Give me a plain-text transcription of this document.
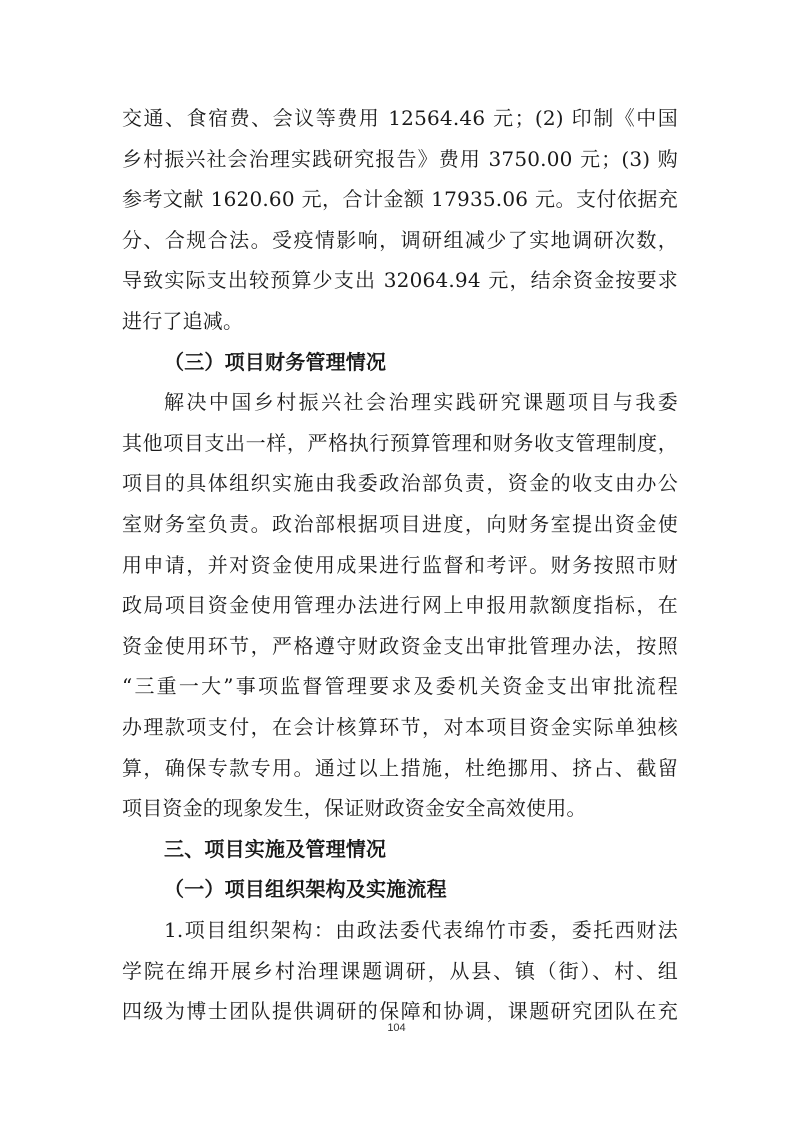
交通、食宿费、会议等费用 12564.46 元；(2) 印制《中国
乡村振兴社会治理实践研究报告》费用 3750.00 元；(3) 购
参考文献 1620.60 元，合计金额 17935.06 元。支付依据充
分、合规合法。受疫情影响，调研组减少了实地调研次数，
导致实际支出较预算少支出 32064.94 元，结余资金按要求
进行了追减。
（三）项目财务管理情况
解决中国乡村振兴社会治理实践研究课题项目与我委
其他项目支出一样，严格执行预算管理和财务收支管理制度，
项目的具体组织实施由我委政治部负责，资金的收支由办公
室财务室负责。政治部根据项目进度，向财务室提出资金使
用申请，并对资金使用成果进行监督和考评。财务按照市财
政局项目资金使用管理办法进行网上申报用款额度指标，在
资金使用环节，严格遵守财政资金支出审批管理办法，按照
“三重一大”事项监督管理要求及委机关资金支出审批流程
办理款项支付，在会计核算环节，对本项目资金实际单独核
算，确保专款专用。通过以上措施，杜绝挪用、挤占、截留
项目资金的现象发生，保证财政资金安全高效使用。
三、项目实施及管理情况
（一）项目组织架构及实施流程
1.项目组织架构：由政法委代表绵竹市委，委托西财法
学院在绵开展乡村治理课题调研，从县、镇（街）、村、组
四级为博士团队提供调研的保障和协调，课题研究团队在充
104
